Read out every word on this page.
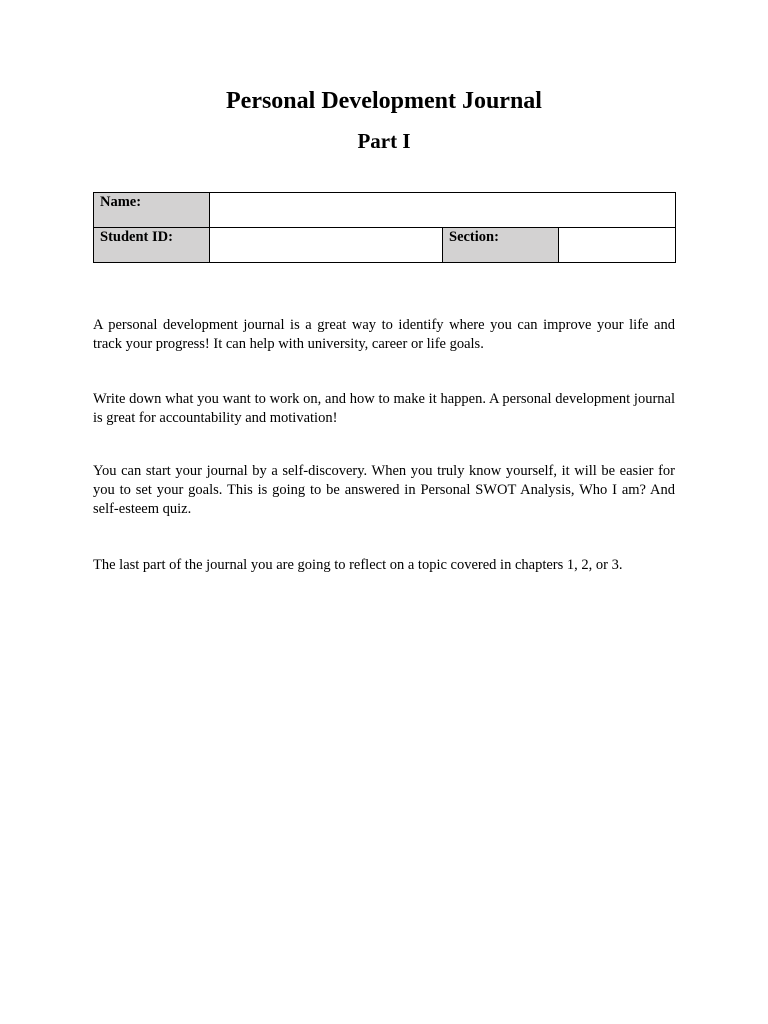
Personal Development Journal
Part I
Name:			
Student ID:		Section:	

A personal development journal is a great way to identify where you can improve your life and track your progress! It can help with university, career or life goals.

Write down what you want to work on, and how to make it happen. A personal development journal is great for accountability and motivation!

You can start your journal by a self-discovery. When you truly know yourself, it will be easier for you to set your goals. This is going to be answered in Personal SWOT Analysis, Who I am? And self-esteem quiz.

The last part of the journal you are going to reflect on a topic covered in chapters 1, 2, or 3.
